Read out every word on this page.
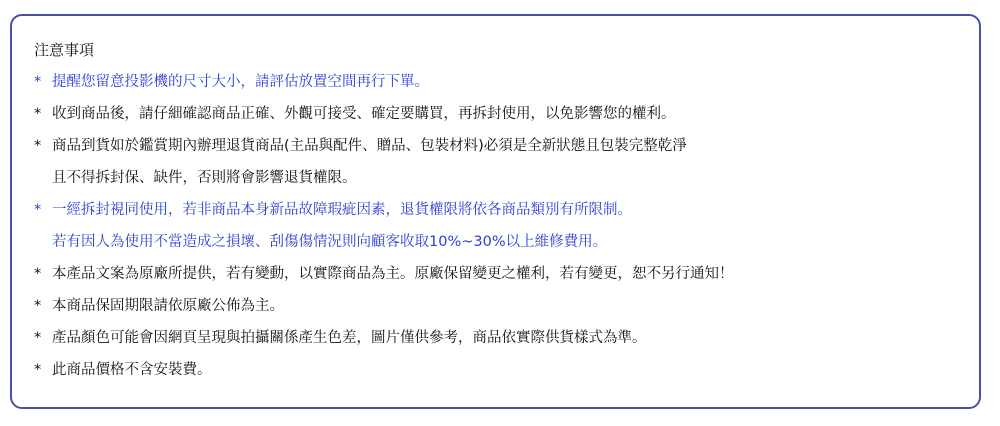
注意事項
* 提醒您留意投影機的尺寸大小，請評估放置空間再行下單。
* 收到商品後，請仔細確認商品正確、外觀可接受、確定要購買，再拆封使用，以免影響您的權利。
* 商品到貨如於鑑賞期內辦理退貨商品(主品與配件、贈品、包裝材料)必須是全新狀態且包裝完整乾淨
且不得拆封保、缺件，否則將會影響退貨權限。
* 一經拆封視同使用，若非商品本身新品故障瑕疵因素，退貨權限將依各商品類別有所限制。
若有因人為使用不當造成之損壞、刮傷傷情況則向顧客收取10%~30%以上維修費用。
* 本產品文案為原廠所提供，若有變動，以實際商品為主。原廠保留變更之權利，若有變更，恕不另行通知！
* 本商品保固期限請依原廠公佈為主。
* 產品顏色可能會因網頁呈現與拍攝關係產生色差，圖片僅供參考，商品依實際供貨樣式為準。
* 此商品價格不含安裝費。
